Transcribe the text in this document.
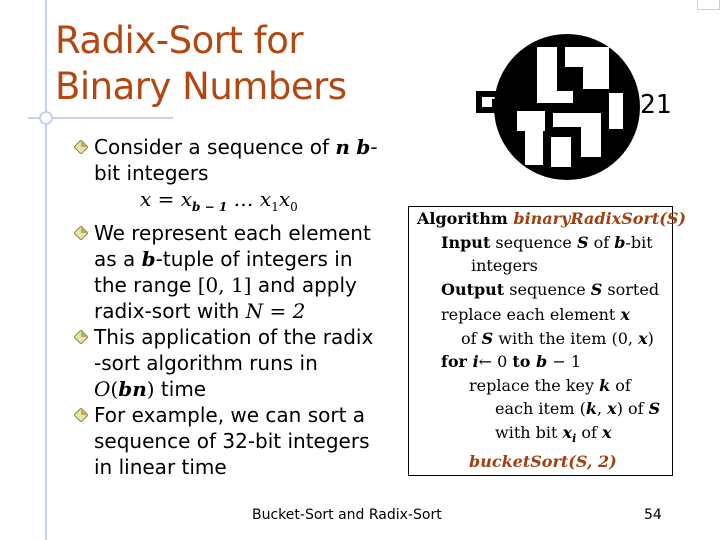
Radix-Sort for
Binary Numbers	21
Consider a sequence of n b-
bit integers
$x = x_{b - 1}$ … $x_1x_0$
We represent each element
as a b-tuple of integers in
the range [0, 1] and apply
radix-sort with N = 2
This application of the radix
-sort algorithm runs in
O(bn) time
For example, we can sort a
sequence of 32-bit integers
in linear time
Algorithm binaryRadixSort(S)
Input sequence S of b-bit
integers
Output sequence S sorted
replace each element x
of S with the item (0, x)
for i← 0 to b − 1
replace the key k of
each item (k, x) of S
with bit $x_i$ of x
bucketSort(S, 2)
Bucket-Sort and Radix-Sort	54
